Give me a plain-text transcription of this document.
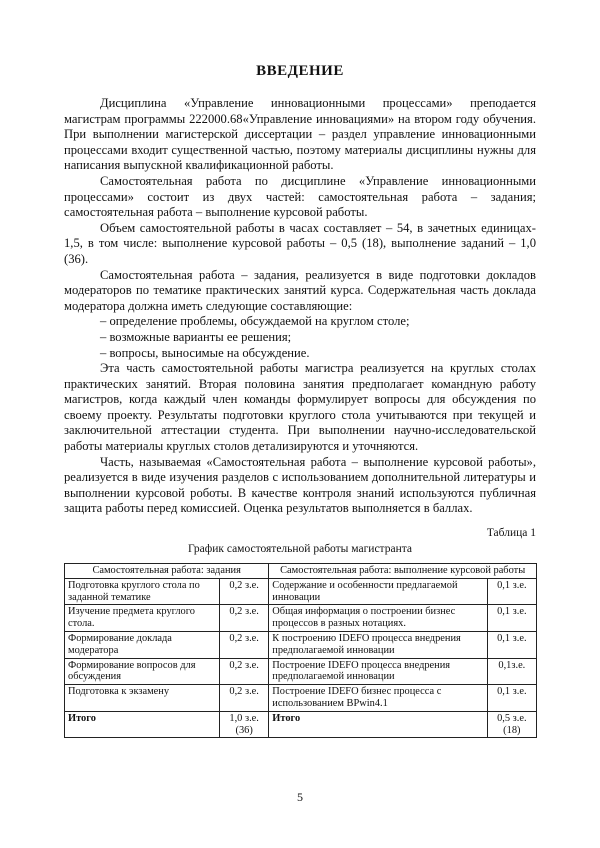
ВВЕДЕНИЕ

Дисциплина «Управление инновационными процессами» преподается магистрам программы 222000.68«Управление инновациями» на втором году обучения. При выполнении магистерской диссертации – раздел управление инновационными процессами входит существенной частью, поэтому материалы дисциплины нужны для написания выпускной квалификационной работы.

Самостоятельная работа по дисциплине «Управление инновационными процессами» состоит из двух частей: самостоятельная работа – задания; самостоятельная работа – выполнение курсовой работы.

Объем самостоятельной работы в часах составляет – 54, в зачетных единицах- 1,5, в том числе: выполнение курсовой работы – 0,5 (18), выполнение заданий – 1,0 (36).

Самостоятельная работа – задания, реализуется в виде подготовки докладов модераторов по тематике практических занятий курса. Содержательная часть доклада модератора должна иметь следующие составляющие:

– определение проблемы, обсуждаемой на круглом столе;
– возможные варианты ее решения;
– вопросы, выносимые на обсуждение.

Эта часть самостоятельной работы магистра реализуется на круглых столах практических занятий. Вторая половина занятия предполагает командную работу магистров, когда каждый член команды формулирует вопросы для обсуждения по своему проекту. Результаты подготовки круглого стола учитываются при текущей и заключительной аттестации студента. При выполнении научно-исследовательской работы материалы круглых столов детализируются и уточняются.

Часть, называемая «Самостоятельная работа – выполнение курсовой работы», реализуется в виде изучения разделов с использованием дополнительной литературы и выполнении курсовой роботы. В качестве контроля знаний используются публичная защита работы перед комиссией. Оценка результатов выполняется в баллах.

Таблица 1
График самостоятельной работы магистранта
Самостоятельная работа: задания		Самостоятельная работа: выполнение курсовой работы	
Подготовка круглого стола по заданной тематике	0,2 з.е.	Содержание и особенности предлагаемой инновации	0,1 з.е.
Изучение предмета круглого стола.	0,2 з.е.	Общая информация о построении бизнес процессов в разных нотациях.	0,1 з.е.
Формирование доклада модератора	0,2 з.е.	К построению IDEFO процесса внедрения предполагаемой инновации	0,1 з.е.
Формирование вопросов для обсуждения	0,2 з.е.	Построение IDEFO процесса внедрения предполагаемой инновации	0,1з.е.
Подготовка к экзамену	0,2 з.е.	Построение IDEFO бизнес процесса с использованием BPwin4.1	0,1 з.е.
Итого	1,0 з.е. (36)	Итого	0,5 з.е. (18)
5
